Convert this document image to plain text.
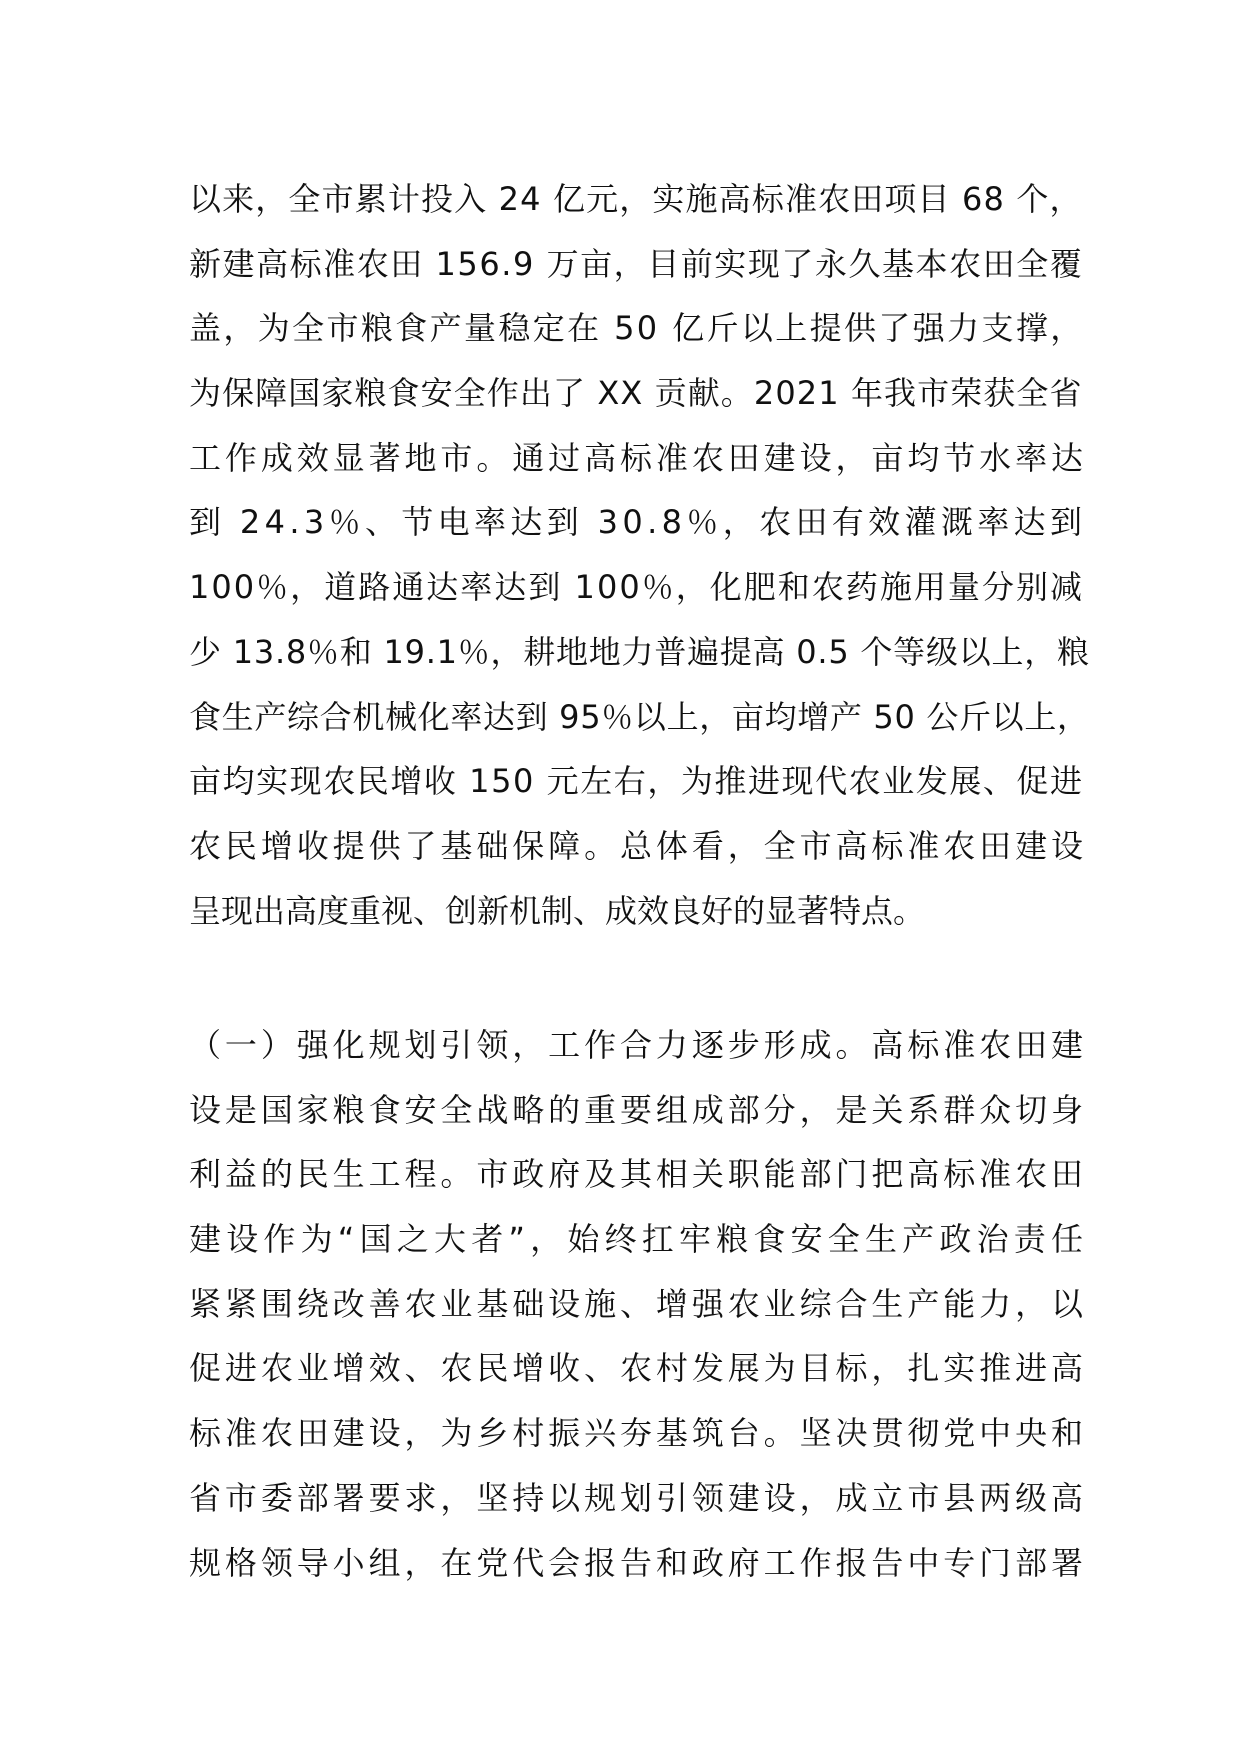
以来，全市累计投入 24 亿元，实施高标准农田项目 68 个，
新建高标准农田 156.9 万亩，目前实现了永久基本农田全覆
盖，为全市粮食产量稳定在 50 亿斤以上提供了强力支撑，
为保障国家粮食安全作出了 XX 贡献。2021 年我市荣获全省
工作成效显著地市。通过高标准农田建设，亩均节水率达
到 24.3％、节电率达到 30.8％，农田有效灌溉率达到
100％，道路通达率达到 100％，化肥和农药施用量分别减
少 13.8％和 19.1％，耕地地力普遍提高 0.5 个等级以上，粮
食生产综合机械化率达到 95％以上，亩均增产 50 公斤以上，
亩均实现农民增收 150 元左右，为推进现代农业发展、促进
农民增收提供了基础保障。总体看，全市高标准农田建设
呈现出高度重视、创新机制、成效良好的显著特点。
（一）强化规划引领，工作合力逐步形成。高标准农田建
设是国家粮食安全战略的重要组成部分，是关系群众切身
利益的民生工程。市政府及其相关职能部门把高标准农田
建设作为“国之大者”，始终扛牢粮食安全生产政治责任
紧紧围绕改善农业基础设施、增强农业综合生产能力，以
促进农业增效、农民增收、农村发展为目标，扎实推进高
标准农田建设，为乡村振兴夯基筑台。坚决贯彻党中央和
省市委部署要求，坚持以规划引领建设，成立市县两级高
规格领导小组，在党代会报告和政府工作报告中专门部署
